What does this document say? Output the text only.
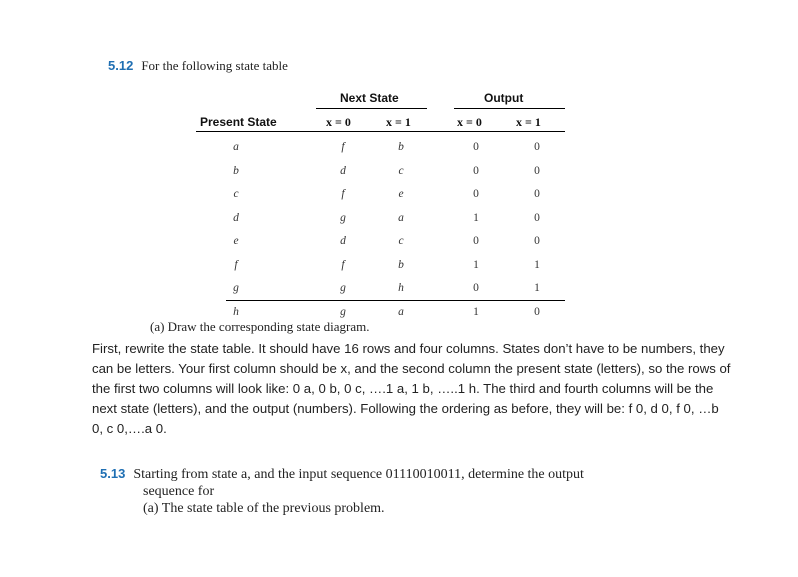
5.12 For the following state table
Next State	Output
Present State	x = 0	x = 1	x = 0	x = 1
a	f	b	0	0
b	d	c	0	0
c	f	e	0	0
d	g	a	1	0
e	d	c	0	0
f	f	b	1	1
g	g	h	0	1
h	g	a	1	0
(a) Draw the corresponding state diagram.
First, rewrite the state table. It should have 16 rows and four columns. States don’t have to be numbers, they can be letters. Your first column should be x, and the second column the present state (letters), so the rows of the first two columns will look like: 0 a, 0 b, 0 c, ….1 a, 1 b, …..1 h. The third and fourth columns will be the next state (letters), and the output (numbers). Following the ordering as before, they will be: f 0, d 0, f 0, …b 0, c 0,….a 0.
5.13 Starting from state a, and the input sequence 01110010011, determine the output
sequence for
(a) The state table of the previous problem.
